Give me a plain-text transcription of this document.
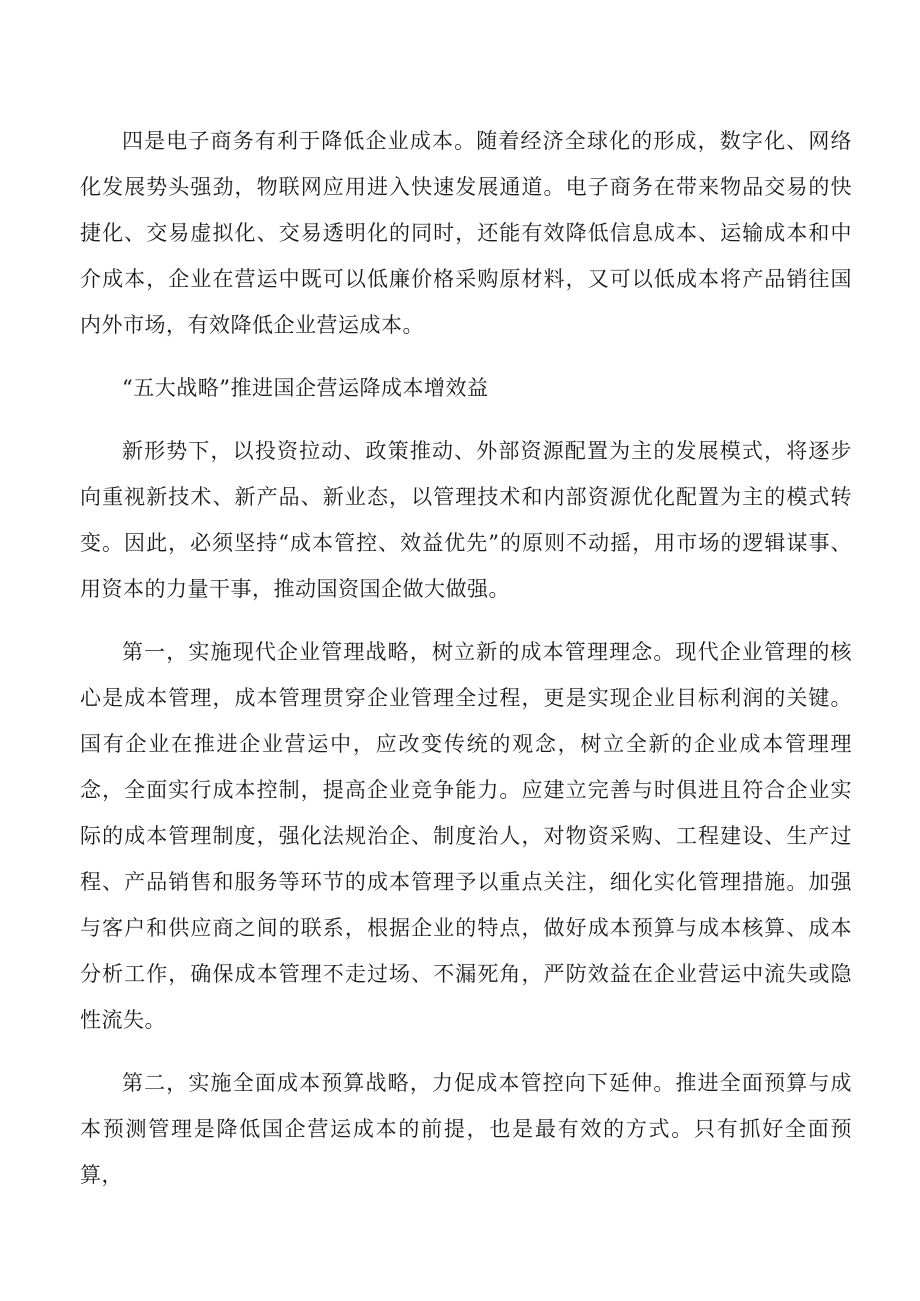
四是电子商务有利于降低企业成本。随着经济全球化的形成，数字化、网络化发展势头强劲，物联网应用进入快速发展通道。电子商务在带来物品交易的快捷化、交易虚拟化、交易透明化的同时，还能有效降低信息成本、运输成本和中介成本，企业在营运中既可以低廉价格采购原材料，又可以低成本将产品销往国内外市场，有效降低企业营运成本。

“五大战略”推进国企营运降成本增效益

新形势下，以投资拉动、政策推动、外部资源配置为主的发展模式，将逐步向重视新技术、新产品、新业态，以管理技术和内部资源优化配置为主的模式转变。因此，必须坚持“成本管控、效益优先”的原则不动摇，用市场的逻辑谋事、用资本的力量干事，推动国资国企做大做强。

第一，实施现代企业管理战略，树立新的成本管理理念。现代企业管理的核心是成本管理，成本管理贯穿企业管理全过程，更是实现企业目标利润的关键。国有企业在推进企业营运中，应改变传统的观念，树立全新的企业成本管理理念，全面实行成本控制，提高企业竞争能力。应建立完善与时俱进且符合企业实际的成本管理制度，强化法规治企、制度治人，对物资采购、工程建设、生产过程、产品销售和服务等环节的成本管理予以重点关注，细化实化管理措施。加强与客户和供应商之间的联系，根据企业的特点，做好成本预算与成本核算、成本分析工作，确保成本管理不走过场、不漏死角，严防效益在企业营运中流失或隐性流失。

第二，实施全面成本预算战略，力促成本管控向下延伸。推进全面预算与成本预测管理是降低国企营运成本的前提，也是最有效的方式。只有抓好全面预算，
